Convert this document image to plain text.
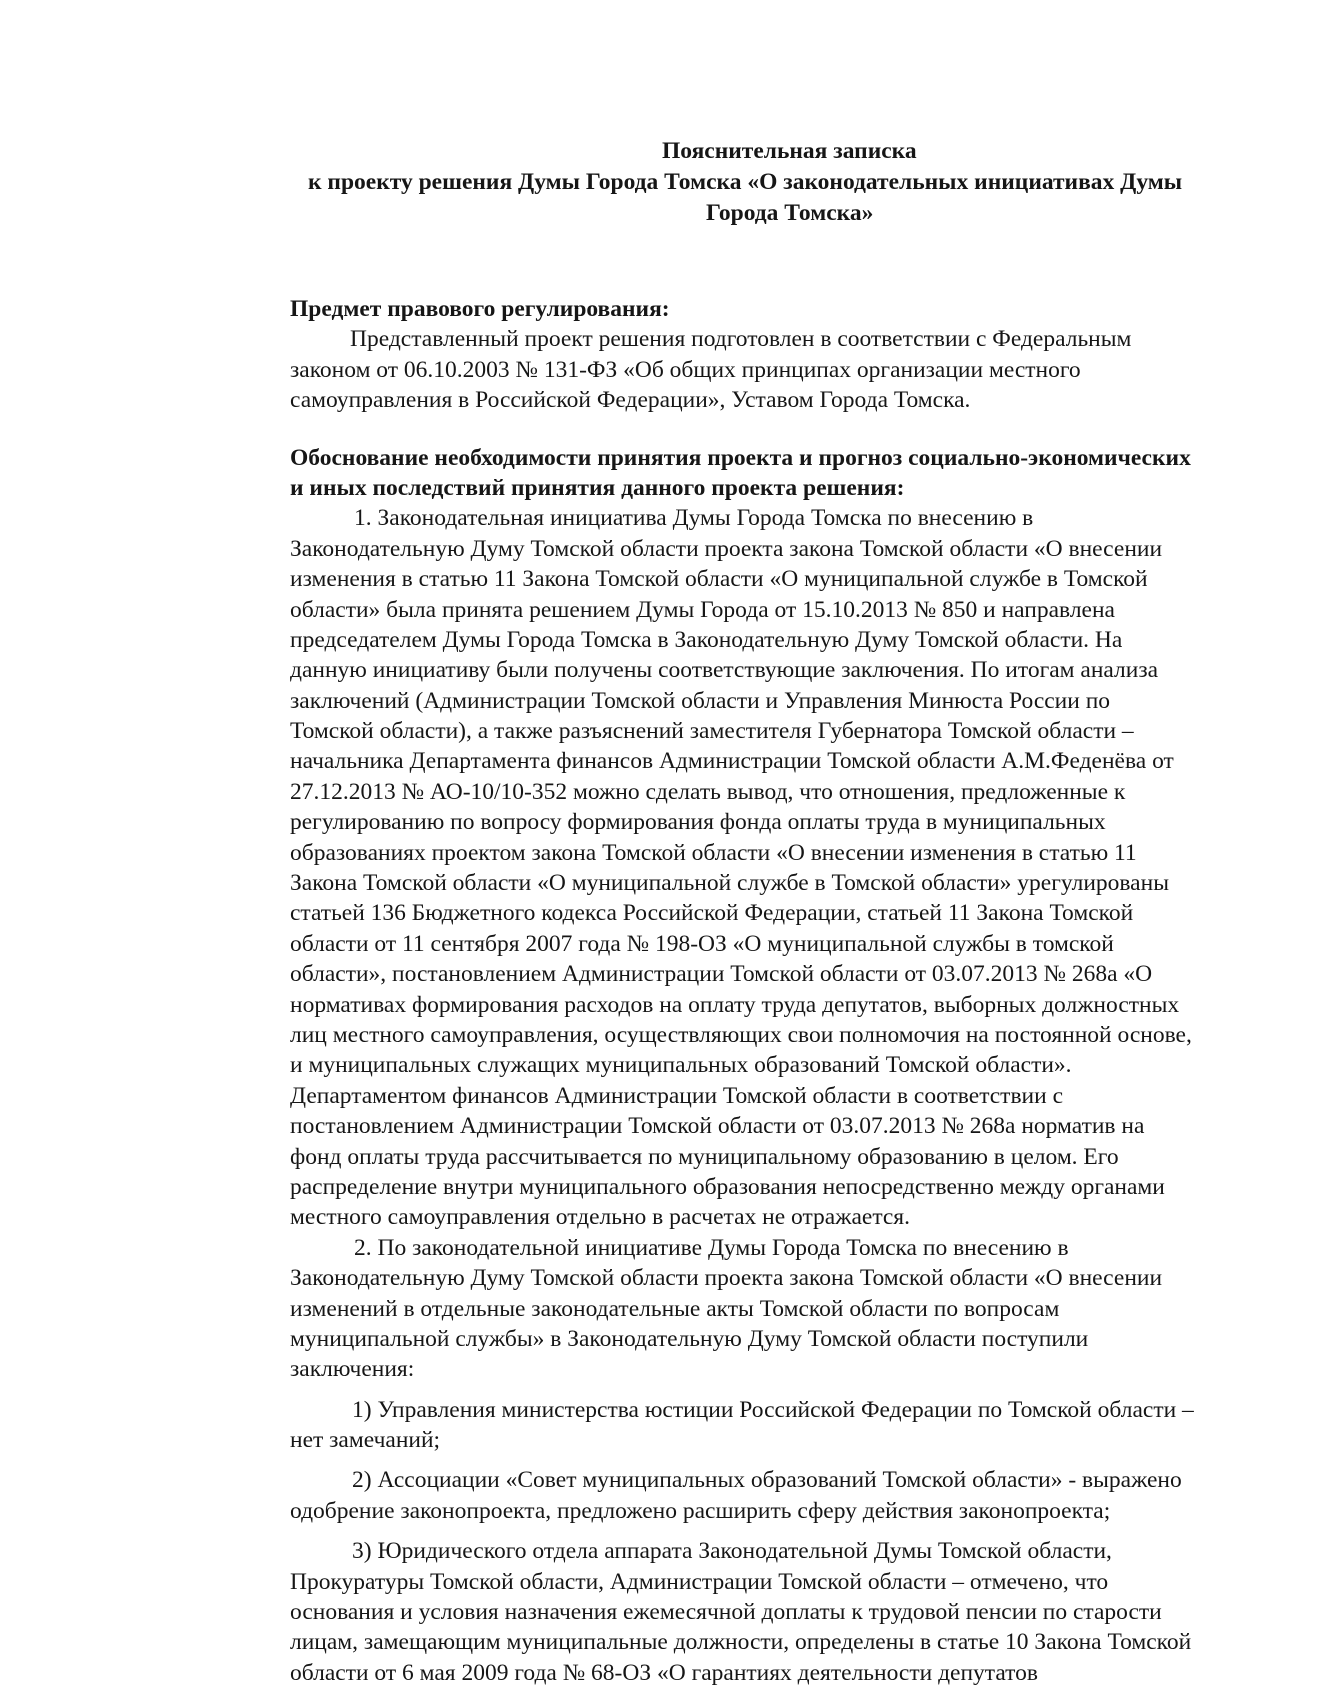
Пояснительная записка
к проекту решения Думы Города Томска «О законодательных инициативах Думы
Города Томска»
Предмет правового регулирования:
Представленный проект решения подготовлен в соответствии с Федеральным
законом от 06.10.2003 № 131-ФЗ «Об общих принципах организации местного
самоуправления в Российской Федерации», Уставом Города Томска.
Обоснование необходимости принятия проекта и прогноз социально-экономических
и иных последствий принятия данного проекта решения:
1. Законодательная инициатива Думы Города Томска по внесению в
Законодательную Думу Томской области проекта закона Томской области «О внесении
изменения в статью 11 Закона Томской области «О муниципальной службе в Томской
области» была принята решением Думы Города от 15.10.2013 № 850 и направлена
председателем Думы Города Томска в Законодательную Думу Томской области. На
данную инициативу были получены соответствующие заключения. По итогам анализа
заключений (Администрации Томской области и Управления Минюста России по
Томской области), а также разъяснений заместителя Губернатора Томской области –
начальника Департамента финансов Администрации Томской области А.М.Феденёва от
27.12.2013 № АО-10/10-352 можно сделать вывод, что отношения, предложенные к
регулированию по вопросу формирования фонда оплаты труда в муниципальных
образованиях проектом закона Томской области «О внесении изменения в статью 11
Закона Томской области «О муниципальной службе в Томской области» урегулированы
статьей 136 Бюджетного кодекса Российской Федерации, статьей 11 Закона Томской
области от 11 сентября 2007 года № 198-ОЗ «О муниципальной службы в томской
области», постановлением Администрации Томской области от 03.07.2013 № 268а «О
нормативах формирования расходов на оплату труда депутатов, выборных должностных
лиц местного самоуправления, осуществляющих свои полномочия на постоянной основе,
и муниципальных служащих муниципальных образований Томской области».
Департаментом финансов Администрации Томской области в соответствии с
постановлением Администрации Томской области от 03.07.2013 № 268а норматив на
фонд оплаты труда рассчитывается по муниципальному образованию в целом. Его
распределение внутри муниципального образования непосредственно между органами
местного самоуправления отдельно в расчетах не отражается.
2. По законодательной инициативе Думы Города Томска по внесению в
Законодательную Думу Томской области проекта закона Томской области «О внесении
изменений в отдельные законодательные акты Томской области по вопросам
муниципальной службы» в Законодательную Думу Томской области поступили
заключения:
1) Управления министерства юстиции Российской Федерации по Томской области –
нет замечаний;
2) Ассоциации «Совет муниципальных образований Томской области» - выражено
одобрение законопроекта, предложено расширить сферу действия законопроекта;
3) Юридического отдела аппарата Законодательной Думы Томской области,
Прокуратуры Томской области, Администрации Томской области – отмечено, что
основания и условия назначения ежемесячной доплаты к трудовой пенсии по старости
лицам, замещающим муниципальные должности, определены в статье 10 Закона Томской
области от 6 мая 2009 года № 68-ОЗ «О гарантиях деятельности депутатов
